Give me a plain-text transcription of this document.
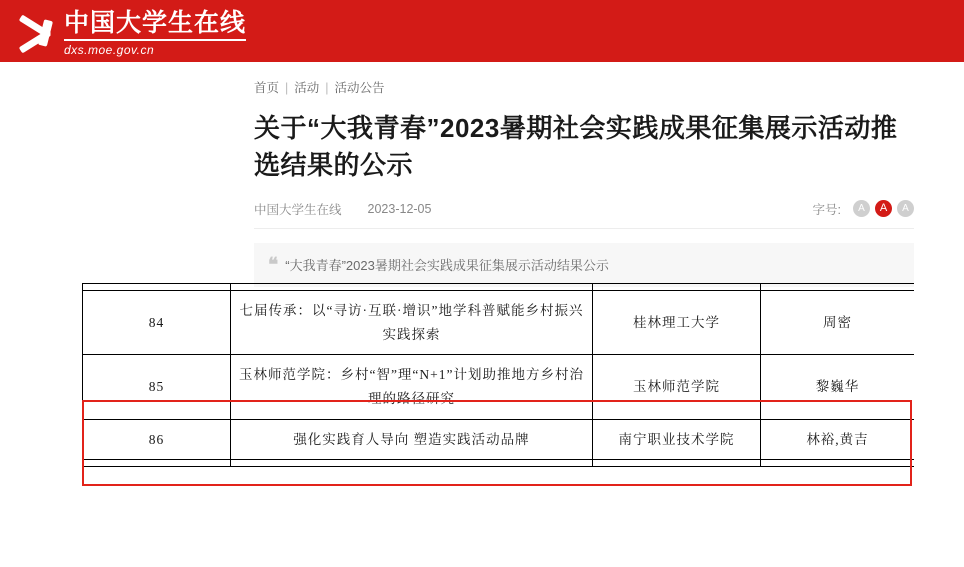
中国大学生在线
dxs.moe.gov.cn
首页 | 活动 | 活动公告
关于“大我青春”2023暑期社会实践成果征集展示活动推选结果的公示
中国大学生在线 2023-12-05	字号:	A	A	A
❝ “大我青春”2023暑期社会实践成果征集展示活动结果公示

84	七届传承：以“寻访·互联·增识”地学科普赋能乡村振兴实践探索	桂林理工大学	周密
85	玉林师范学院：乡村“智”理“N+1”计划助推地方乡村治理的路径研究	玉林师范学院	黎巍华
86	强化实践育人导向 塑造实践活动品牌	南宁职业技术学院	林裕,黄吉
